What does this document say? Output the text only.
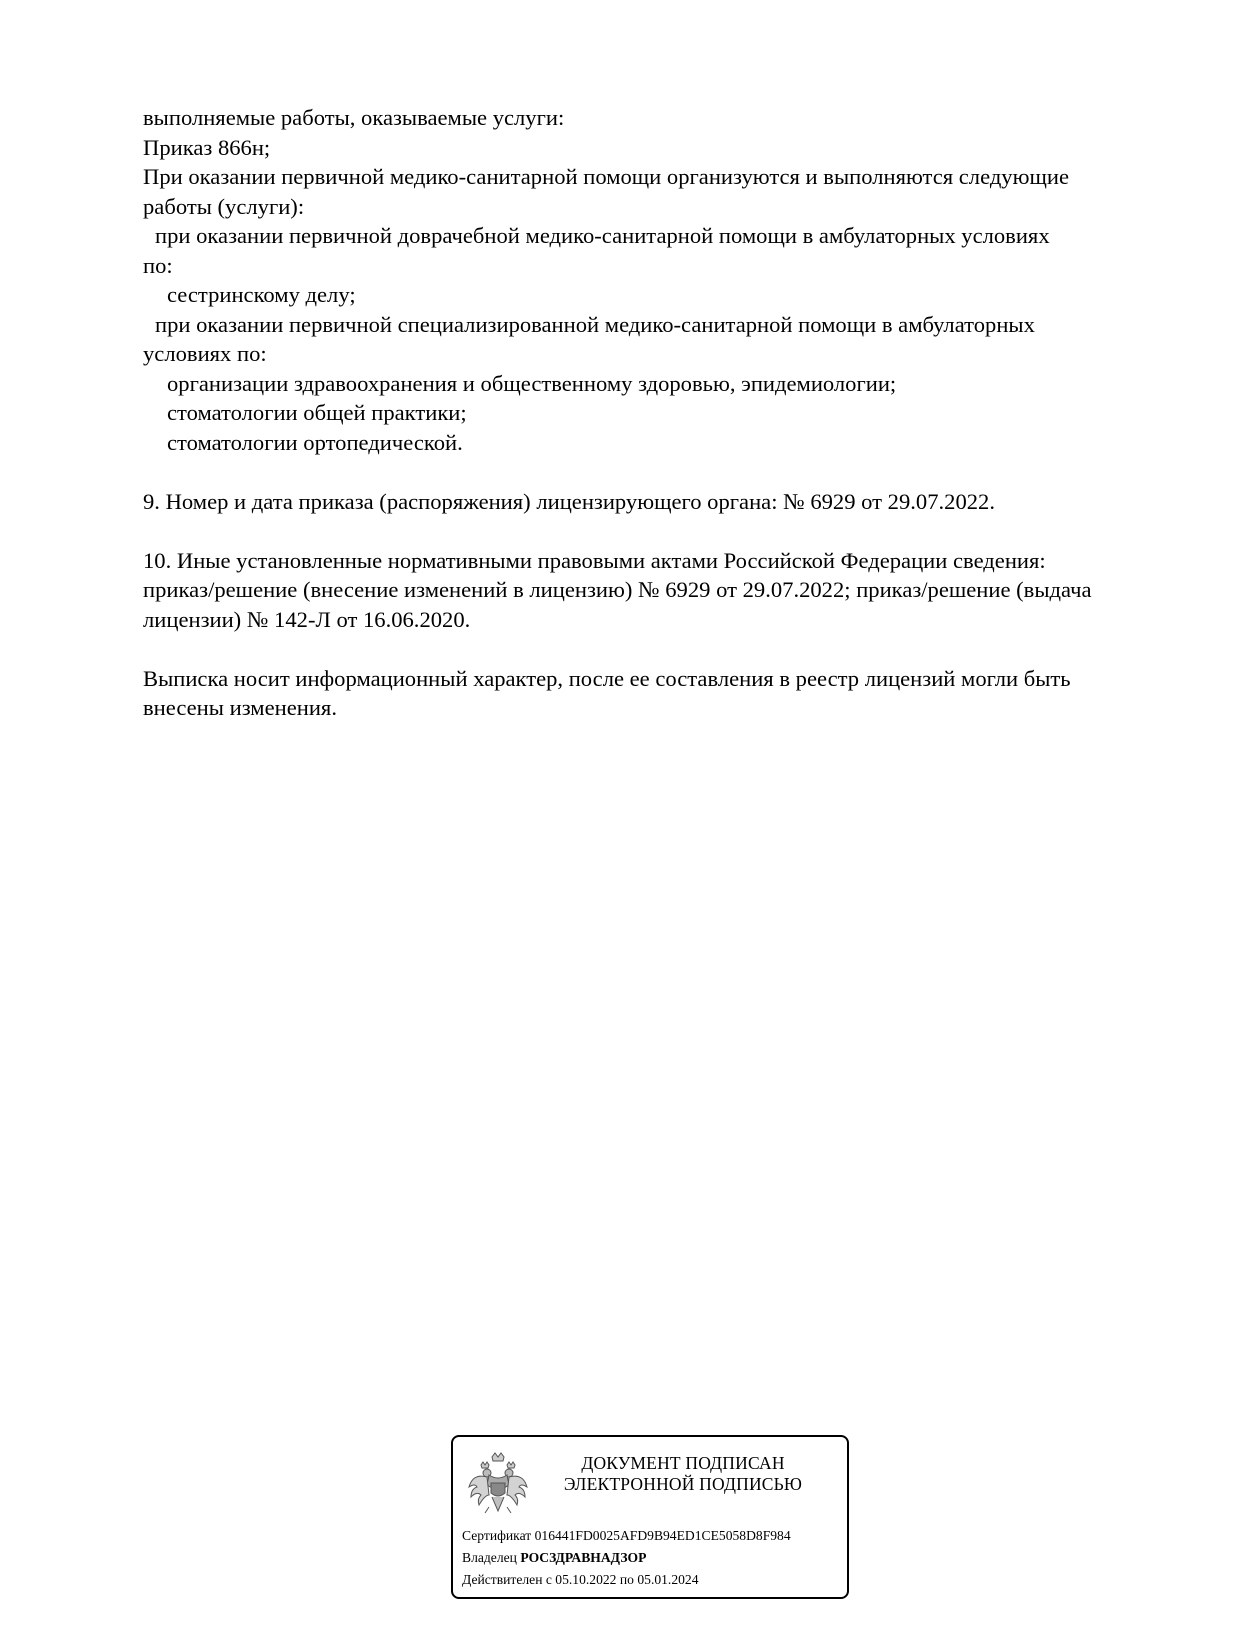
выполняемые работы, оказываемые услуги:
Приказ 866н;
При оказании первичной медико-санитарной помощи организуются и выполняются следующие
работы (услуги):
при оказании первичной доврачебной медико-санитарной помощи в амбулаторных условиях
по:
сестринскому делу;
при оказании первичной специализированной медико-санитарной помощи в амбулаторных
условиях по:
организации здравоохранения и общественному здоровью, эпидемиологии;
стоматологии общей практики;
стоматологии ортопедической.
9. Номер и дата приказа (распоряжения) лицензирующего органа: № 6929 от 29.07.2022.
10. Иные установленные нормативными правовыми актами Российской Федерации сведения:
приказ/решение (внесение изменений в лицензию) № 6929 от 29.07.2022; приказ/решение (выдача
лицензии) № 142-Л от 16.06.2020.
Выписка носит информационный характер, после ее составления в реестр лицензий могли быть
внесены изменения.
ДОКУМЕНТ ПОДПИСАН
ЭЛЕКТРОННОЙ ПОДПИСЬЮ
Сертификат 016441FD0025AFD9B94ED1CE5058D8F984
Владелец РОСЗДРАВНАДЗОР
Действителен с 05.10.2022 по 05.01.2024
